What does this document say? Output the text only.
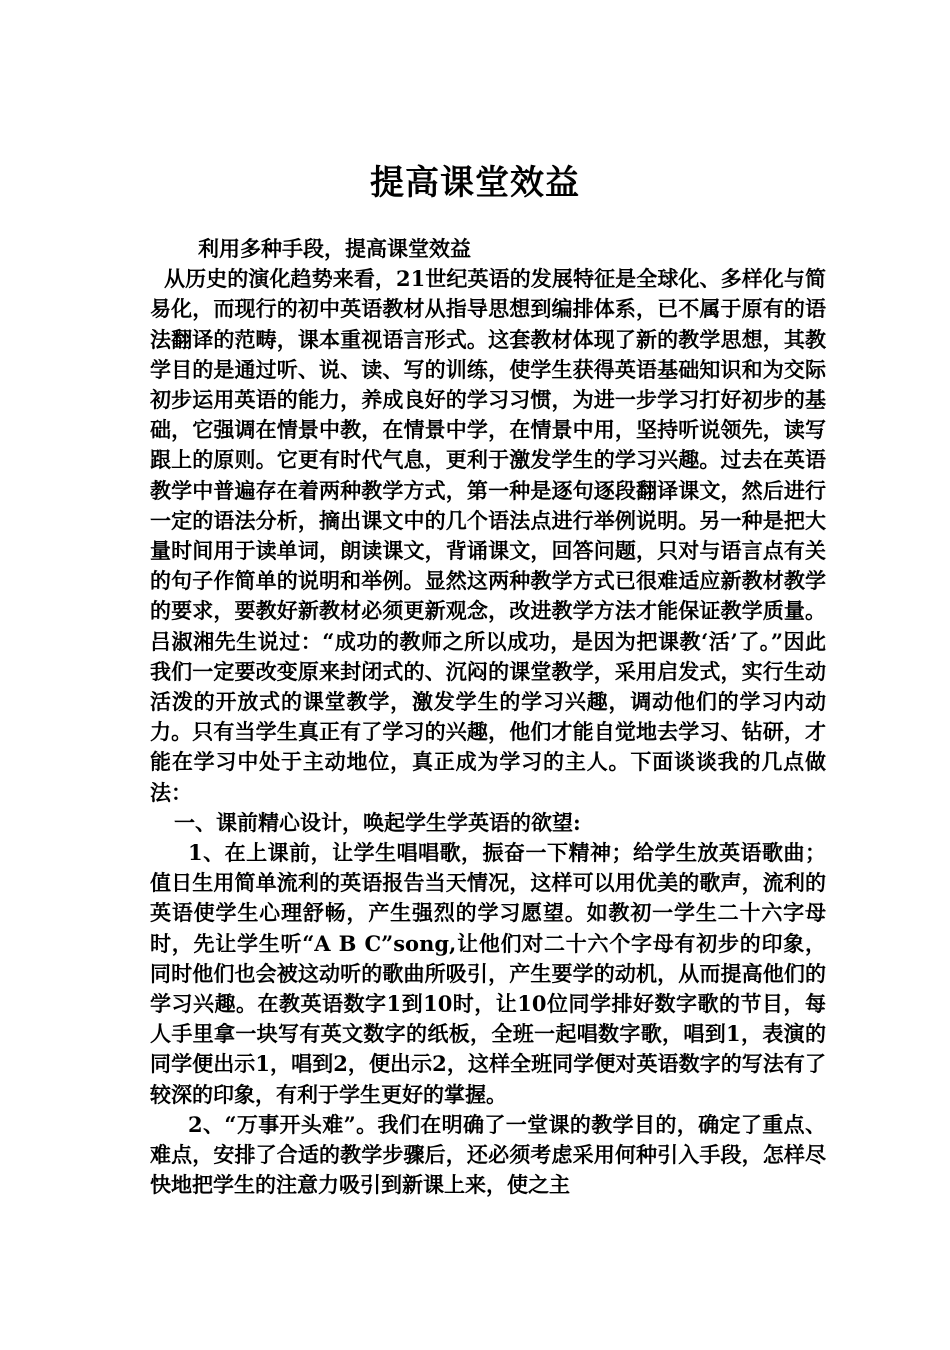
提高课堂效益

利用多种手段，提高课堂效益

从历史的演化趋势来看，21世纪英语的发展特征是全球化、多样化与简易化，而现行的初中英语教材从指导思想到编排体系，已不属于原有的语法翻译的范畴，课本重视语言形式。这套教材体现了新的教学思想，其教学目的是通过听、说、读、写的训练，使学生获得英语基础知识和为交际初步运用英语的能力，养成良好的学习习惯，为进一步学习打好初步的基础，它强调在情景中教，在情景中学，在情景中用，坚持听说领先，读写跟上的原则。它更有时代气息，更利于激发学生的学习兴趣。过去在英语教学中普遍存在着两种教学方式，第一种是逐句逐段翻译课文，然后进行一定的语法分析，摘出课文中的几个语法点进行举例说明。另一种是把大量时间用于读单词，朗读课文，背诵课文，回答问题，只对与语言点有关的句子作简单的说明和举例。显然这两种教学方式已很难适应新教材教学的要求，要教好新教材必须更新观念，改进教学方法才能保证教学质量。吕淑湘先生说过：“成功的教师之所以成功，是因为把课教‘活’了。”因此我们一定要改变原来封闭式的、沉闷的课堂教学，采用启发式，实行生动活泼的开放式的课堂教学，激发学生的学习兴趣，调动他们的学习内动力。只有当学生真正有了学习的兴趣，他们才能自觉地去学习、钻研，才能在学习中处于主动地位，真正成为学习的主人。下面谈谈我的几点做法：

一、课前精心设计，唤起学生学英语的欲望:

1、在上课前，让学生唱唱歌，振奋一下精神；给学生放英语歌曲；值日生用简单流利的英语报告当天情况，这样可以用优美的歌声，流利的英语使学生心理舒畅，产生强烈的学习愿望。如教初一学生二十六字母时，先让学生听“A B C”song,让他们对二十六个字母有初步的印象，同时他们也会被这动听的歌曲所吸引，产生要学的动机，从而提高他们的学习兴趣。在教英语数字1到10时，让10位同学排好数字歌的节目，每人手里拿一块写有英文数字的纸板，全班一起唱数字歌，唱到1，表演的同学便出示1，唱到2，便出示2，这样全班同学便对英语数字的写法有了较深的印象，有利于学生更好的掌握。

2、“万事开头难”。我们在明确了一堂课的教学目的，确定了重点、难点，安排了合适的教学步骤后，还必须考虑采用何种引入手段，怎样尽快地把学生的注意力吸引到新课上来，使之主
